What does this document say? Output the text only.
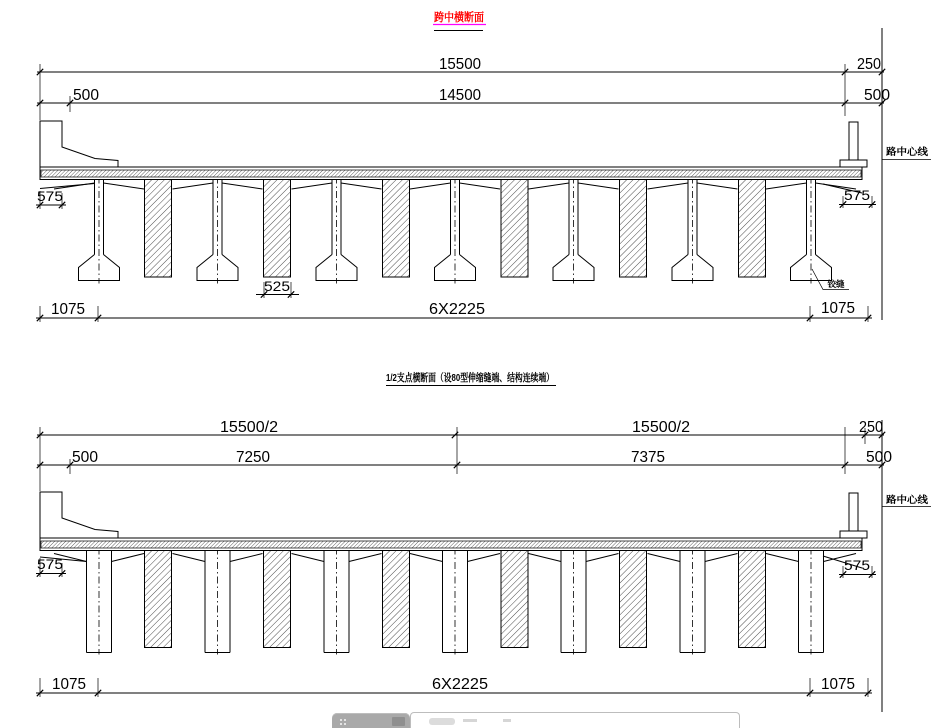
跨中横断面
15500	250
500	14500	500
575	575
525
1075	6X2225	1075
铰缝
路中心线
1/2支点横断面（设80型伸缩缝端、结构连续端）
15500/2	15500/2	250
500	7250	7375	500
575	575
1075	6X2225	1075
路中心线
